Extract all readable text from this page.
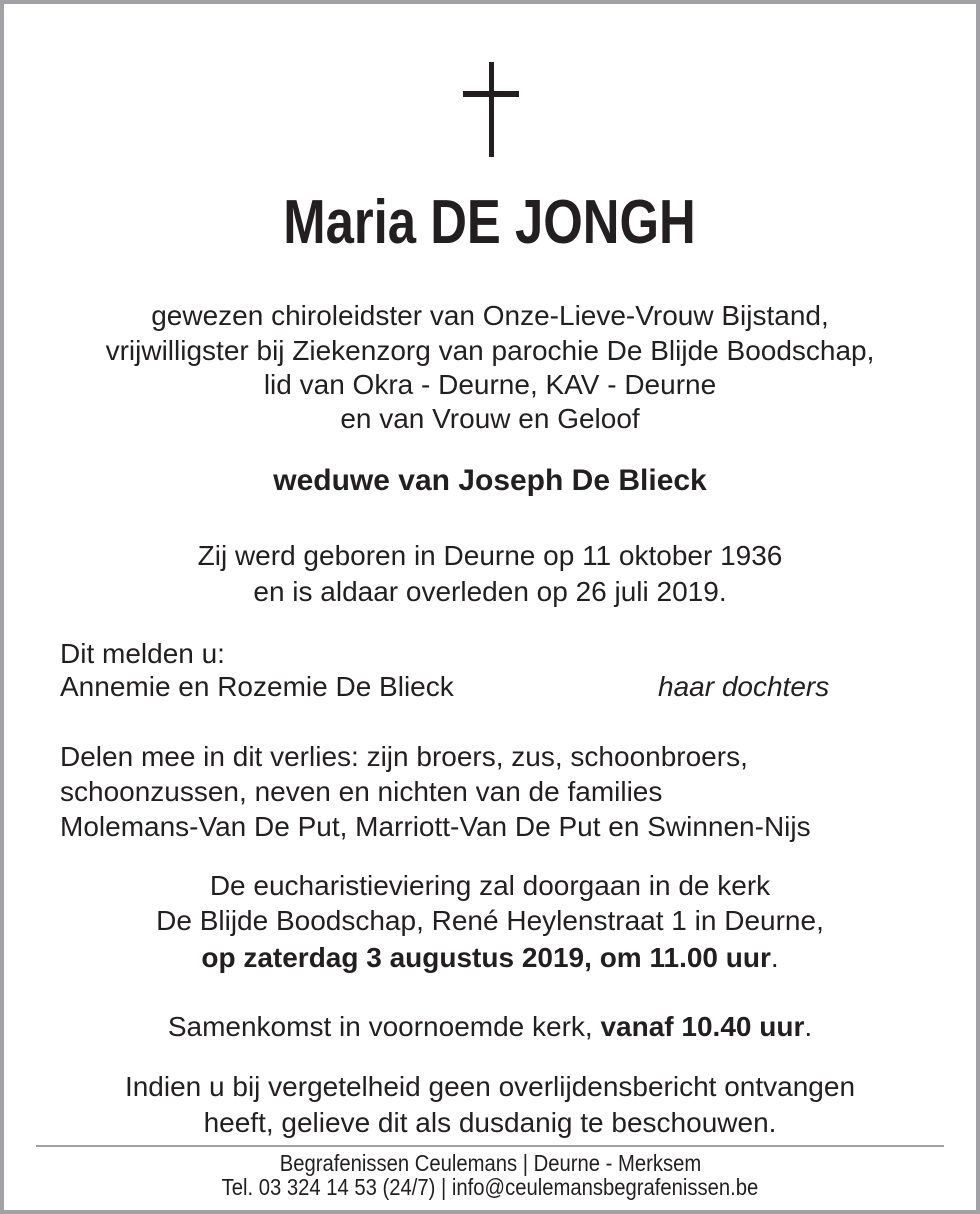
Maria DE JONGH
gewezen chiroleidster van Onze-Lieve-Vrouw Bijstand,
vrijwilligster bij Ziekenzorg van parochie De Blijde Boodschap,
lid van Okra - Deurne, KAV - Deurne
en van Vrouw en Geloof
weduwe van Joseph De Blieck
Zij werd geboren in Deurne op 11 oktober 1936
en is aldaar overleden op 26 juli 2019.
Dit melden u:
Annemie en Rozemie De Blieck	haar dochters
Delen mee in dit verlies: zijn broers, zus, schoonbroers,
schoonzussen, neven en nichten van de families
Molemans-Van De Put, Marriott-Van De Put en Swinnen-Nijs
De eucharistieviering zal doorgaan in de kerk
De Blijde Boodschap, René Heylenstraat 1 in Deurne,
op zaterdag 3 augustus 2019, om 11.00 uur.
Samenkomst in voornoemde kerk, vanaf 10.40 uur.
Indien u bij vergetelheid geen overlijdensbericht ontvangen
heeft, gelieve dit als dusdanig te beschouwen.
Begrafenissen Ceulemans | Deurne - Merksem
Tel. 03 324 14 53 (24/7) | info@ceulemansbegrafenissen.be
